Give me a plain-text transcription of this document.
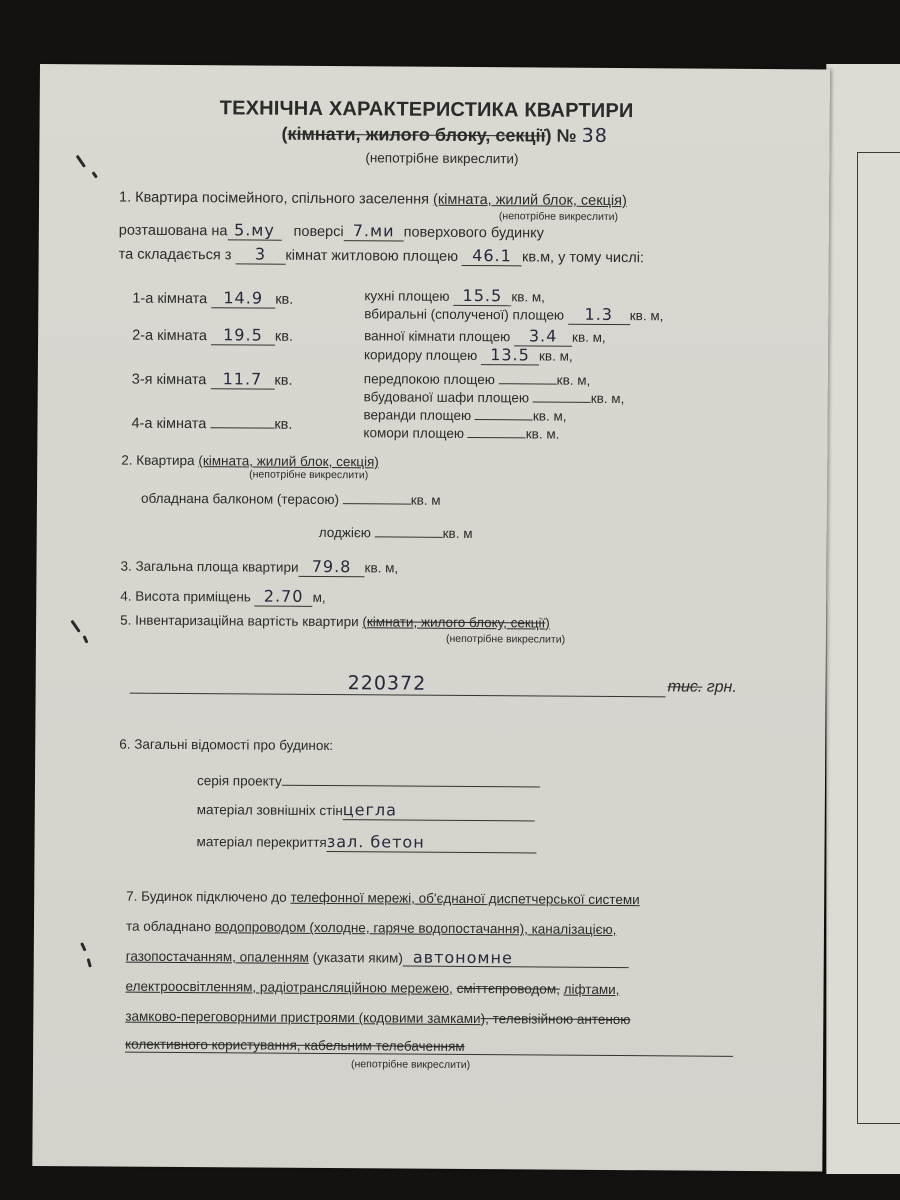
ТЕХНІЧНА ХАРАКТЕРИСТИКА КВАРТИРИ
(кімнати, жилого блоку, секції) № 38
(непотрібне викреслити)
1. Квартира посімейного, спільного заселення (кімната, жилий блок, секція)
(непотрібне викреслити)
розташована на 5.му поверсі 7.ми поверхового будинку
та складається з 3 кімнат житловою площею 46.1 кв.м, у тому числі:
1-а кімната 14.9 кв.
2-а кімната 19.5 кв.
3-я кімната 11.7 кв.
4-а кімната	кв.
кухні площею 15.5 кв. м,
вбиральні (сполученої) площею 1.3 кв. м,
ванної кімнати площею 3.4 кв. м,
коридору площею 13.5 кв. м,
передпокою площею	кв. м,
вбудованої шафи площею	кв. м,
веранди площею	кв. м,
комори площею	кв. м.
2. Квартира (кімната, жилий блок, секція)
(непотрібне викреслити)
обладнана балконом (терасою)	кв. м
лоджією	кв. м
3. Загальна площа квартири 79.8 кв. м,
4. Висота приміщень 2.70 м,
5. Інвентаризаційна вартість квартири (кімнати, жилого блоку, секції)
(непотрібне викреслити)
220372	тис. грн.
6. Загальні відомості про будинок:
серія проекту
матеріал зовнішніх стінцегла
матеріал перекриттязал. бетон
7. Будинок підключено до телефонної мережі, об'єднаної диспетчерської системи
та обладнано водопроводом (холодне, гаряче водопостачання), каналізацією,
газопостачанням, опаленням (указати яким) автономне
електроосвітленням, радіотрансляційною мережею, сміттєпроводом, ліфтами,
замково-переговорними пристроями (кодовими замками), телевізійною антеною
колективного користування, кабельним телебаченням
(непотрібне викреслити)
